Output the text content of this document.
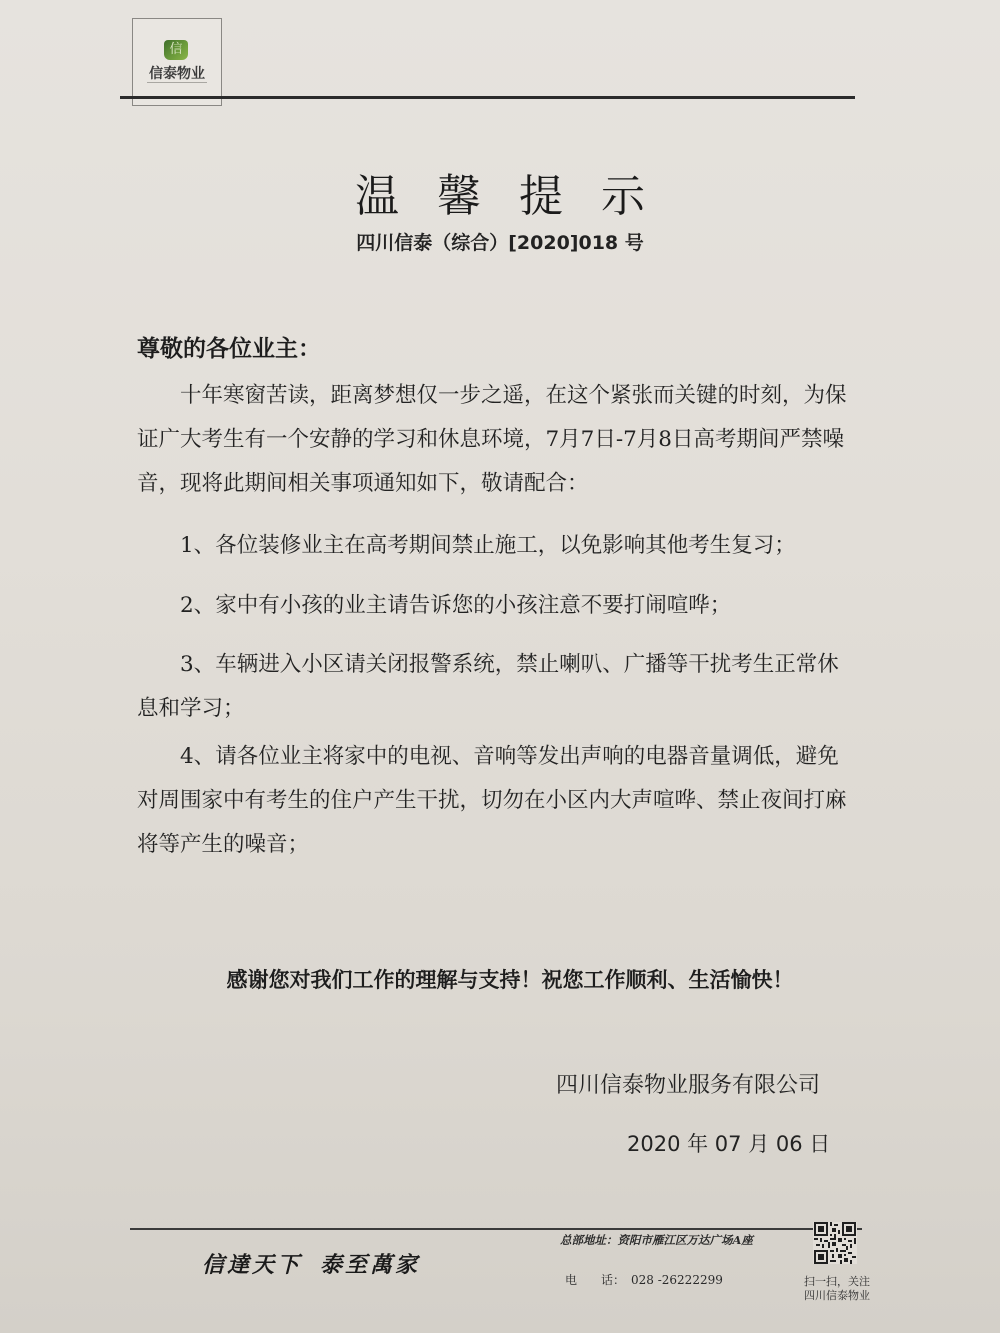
信
信泰物业
温馨提示
四川信泰（综合）[2020]018 号
尊敬的各位业主：
十年寒窗苦读，距离梦想仅一步之遥，在这个紧张而关键的时刻，为保证广大考生有一个安静的学习和休息环境，7月7日-7月8日高考期间严禁噪音，现将此期间相关事项通知如下，敬请配合：
1、各位装修业主在高考期间禁止施工，以免影响其他考生复习；
2、家中有小孩的业主请告诉您的小孩注意不要打闹喧哗；
3、车辆进入小区请关闭报警系统，禁止喇叭、广播等干扰考生正常休息和学习；
4、请各位业主将家中的电视、音响等发出声响的电器音量调低，避免对周围家中有考生的住户产生干扰，切勿在小区内大声喧哗、禁止夜间打麻将等产生的噪音；
感谢您对我们工作的理解与支持！祝您工作顺利、生活愉快！
四川信泰物业服务有限公司
2020 年 07 月 06 日
信達天下 泰至萬家
总部地址：资阳市雁江区万达广场A座
电 话： 028 -26222299	扫一扫，关注
四川信泰物业
